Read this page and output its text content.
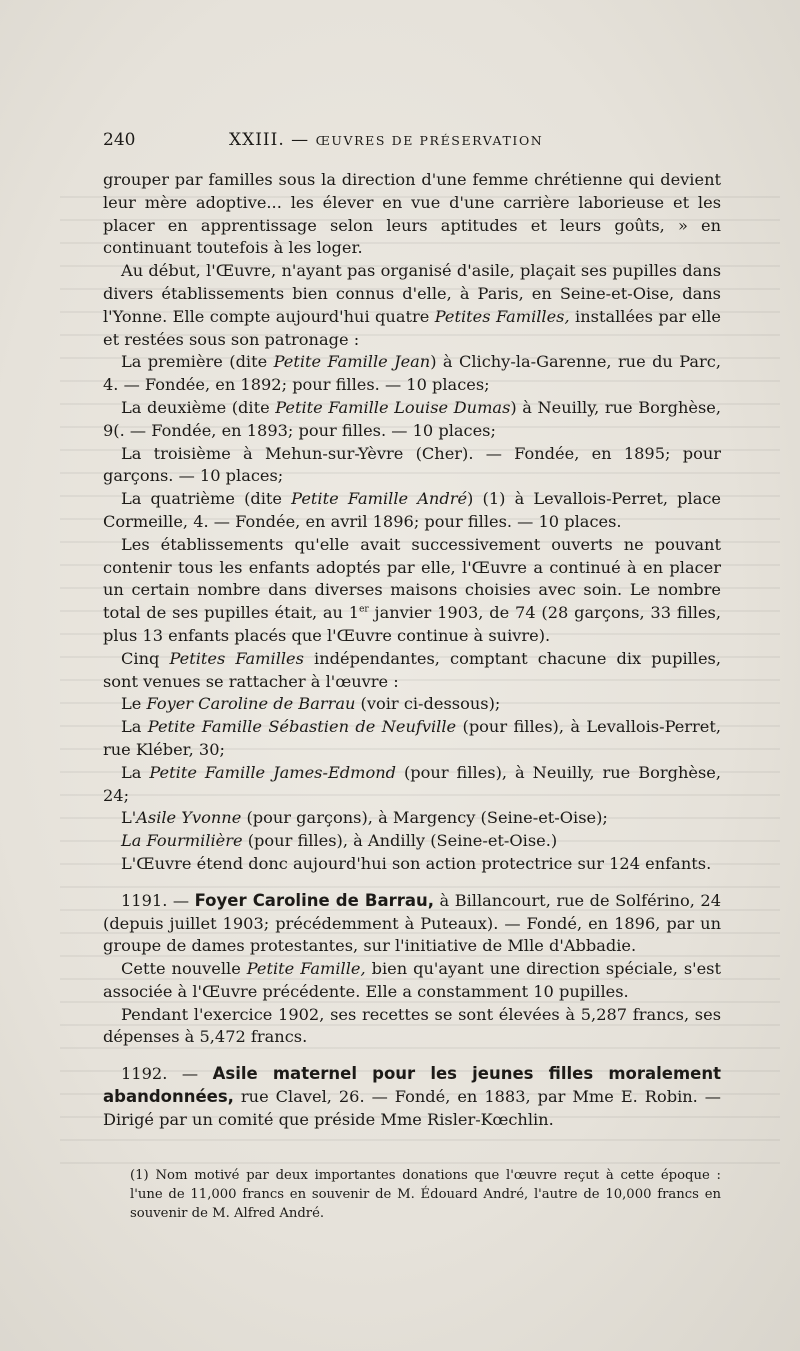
240	XXIII. — ŒUVRES DE PRÉSERVATION

grouper par familles sous la direction d'une femme chrétienne qui devient leur mère adoptive... les élever en vue d'une carrière laborieuse et les placer en apprentissage selon leurs aptitudes et leurs goûts, » en continuant toutefois à les loger.

Au début, l'Œuvre, n'ayant pas organisé d'asile, plaçait ses pupilles dans divers établissements bien connus d'elle, à Paris, en Seine-et-Oise, dans l'Yonne. Elle compte aujourd'hui quatre Petites Familles, installées par elle et restées sous son patronage :

La première (dite Petite Famille Jean) à Clichy-la-Garenne, rue du Parc, 4. — Fondée, en 1892; pour filles. — 10 places;

La deuxième (dite Petite Famille Louise Dumas) à Neuilly, rue Borghèse, 9(. — Fondée, en 1893; pour filles. — 10 places;

La troisième à Mehun-sur-Yèvre (Cher). — Fondée, en 1895; pour garçons. — 10 places;

La quatrième (dite Petite Famille André) (1) à Levallois-Perret, place Cormeille, 4. — Fondée, en avril 1896; pour filles. — 10 places.

Les établissements qu'elle avait successivement ouverts ne pouvant contenir tous les enfants adoptés par elle, l'Œuvre a continué à en placer un certain nombre dans diverses maisons choisies avec soin. Le nombre total de ses pupilles était, au 1er janvier 1903, de 74 (28 garçons, 33 filles, plus 13 enfants placés que l'Œuvre continue à suivre).

Cinq Petites Familles indépendantes, comptant chacune dix pupilles, sont venues se rattacher à l'œuvre :

Le Foyer Caroline de Barrau (voir ci-dessous);

La Petite Famille Sébastien de Neufville (pour filles), à Levallois-Perret, rue Kléber, 30;

La Petite Famille James-Edmond (pour filles), à Neuilly, rue Borghèse, 24;

L'Asile Yvonne (pour garçons), à Margency (Seine-et-Oise);

La Fourmilière (pour filles), à Andilly (Seine-et-Oise.)

L'Œuvre étend donc aujourd'hui son action protectrice sur 124 enfants.

1191. — Foyer Caroline de Barrau, à Billancourt, rue de Solférino, 24 (depuis juillet 1903; précédemment à Puteaux). — Fondé, en 1896, par un groupe de dames protestantes, sur l'initiative de Mlle d'Abbadie.

Cette nouvelle Petite Famille, bien qu'ayant une direction spéciale, s'est associée à l'Œuvre précédente. Elle a constamment 10 pupilles.

Pendant l'exercice 1902, ses recettes se sont élevées à 5,287 francs, ses dépenses à 5,472 francs.

1192. — Asile maternel pour les jeunes filles moralement abandonnées, rue Clavel, 26. — Fondé, en 1883, par Mme E. Robin. — Dirigé par un comité que préside Mme Risler-Kœchlin.

(1) Nom motivé par deux importantes donations que l'œuvre reçut à cette époque : l'une de 11,000 francs en souvenir de M. Édouard André, l'autre de 10,000 francs en souvenir de M. Alfred André.
